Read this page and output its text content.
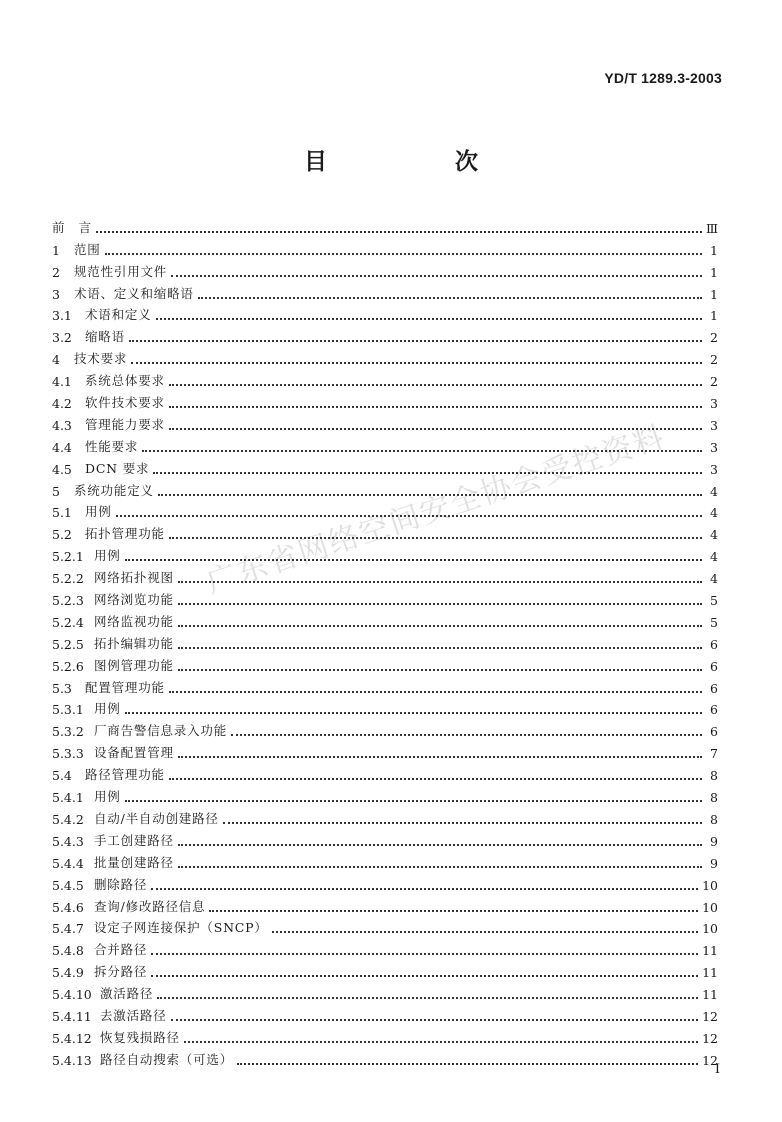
YD/T 1289.3-2003
目 次
广东省网络空间安全协会受控资料
前　言	Ⅲ
1	范围	1
2	规范性引用文件	1
3	术语、定义和缩略语	1
3.1	术语和定义	1
3.2	缩略语	2
4	技术要求	2
4.1	系统总体要求	2
4.2	软件技术要求	3
4.3	管理能力要求	3
4.4	性能要求	3
4.5	DCN 要求	3
5	系统功能定义	4
5.1	用例	4
5.2	拓扑管理功能	4
5.2.1 用例	4
5.2.2 网络拓扑视图	4
5.2.3 网络浏览功能	5
5.2.4 网络监视功能	5
5.2.5 拓扑编辑功能	6
5.2.6 图例管理功能	6
5.3	配置管理功能	6
5.3.1 用例	6
5.3.2 厂商告警信息录入功能	6
5.3.3 设备配置管理	7
5.4	路径管理功能	8
5.4.1 用例	8
5.4.2 自动/半自动创建路径	8
5.4.3 手工创建路径	9
5.4.4 批量创建路径	9
5.4.5 删除路径	10
5.4.6 查询/修改路径信息	10
5.4.7 设定子网连接保护（SNCP）	10
5.4.8 合并路径	11
5.4.9 拆分路径	11
5.4.10 激活路径	11
5.4.11 去激活路径	12
5.4.12 恢复残损路径	12
5.4.13 路径自动搜索（可选）	12
I
